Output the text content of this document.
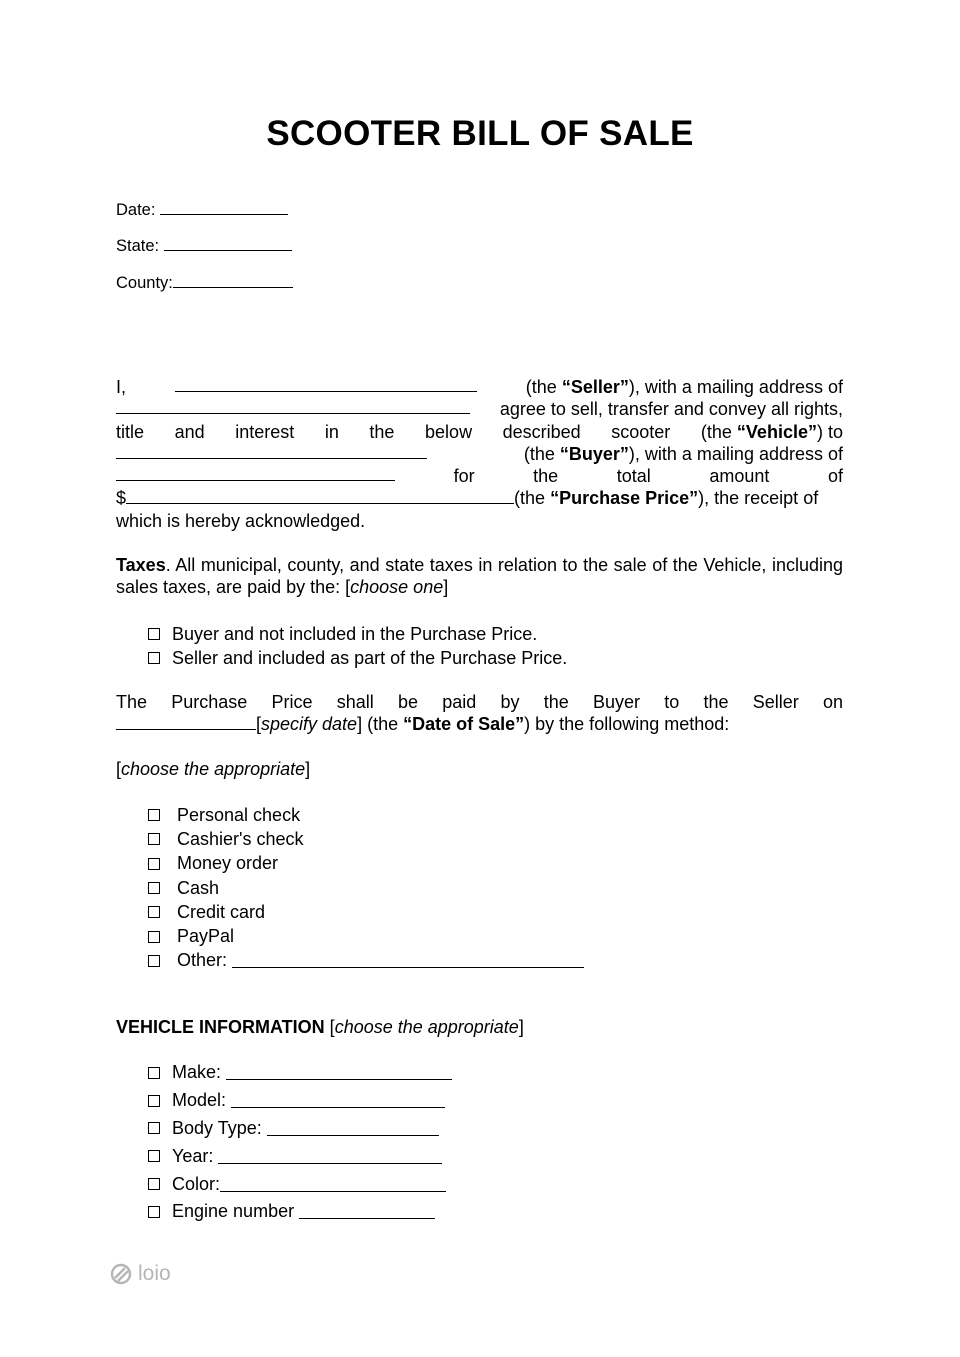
SCOOTER BILL OF SALE
Date:
State:
County:
I,	(the “Seller”), with a mailing address of
agree to sell, transfer and convey all rights,
title and interest in the below described scooter (the “Vehicle”) to
(the “Buyer”), with a mailing address of
for	the	total	amount	of
$	(the “Purchase Price”), the receipt of
which is hereby acknowledged.
Taxes. All municipal, county, and state taxes in relation to the sale of the Vehicle, including sales taxes, are paid by the: [choose one]
Buyer and not included in the Purchase Price.
Seller and included as part of the Purchase Price.
The Purchase Price shall be paid by the Buyer to the Seller on
[specify date] (the “Date of Sale”) by the following method:
[choose the appropriate]
Personal check
Cashier's check
Money order
Cash
Credit card
PayPal
Other:

VEHICLE INFORMATION [choose the appropriate]
Make:

Model:

Body Type:

Year:

Color:
Engine number

loio
